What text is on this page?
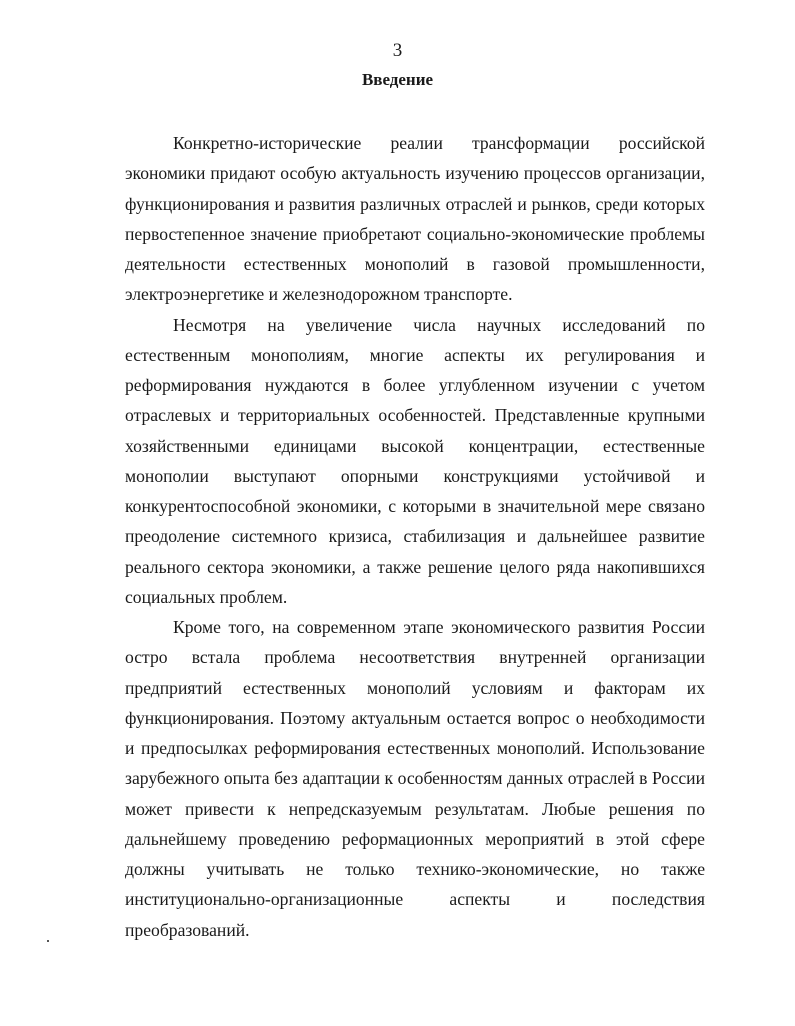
3
Введение

Конкретно-исторические реалии трансформации российской экономики придают особую актуальность изучению процессов организации, функционирования и развития различных отраслей и рынков, среди которых первостепенное значение приобретают социально-экономические проблемы деятельности естественных монополий в газовой промышленности, электроэнергетике и железнодорожном транспорте.

Несмотря на увеличение числа научных исследований по естественным монополиям, многие аспекты их регулирования и реформирования нуждаются в более углубленном изучении с учетом отраслевых и территориальных особенностей. Представленные крупными хозяйственными единицами высокой концентрации, естественные монополии выступают опорными конструкциями устойчивой и конкурентоспособной экономики, с которыми в значительной мере связано преодоление системного кризиса, стабилизация и дальнейшее развитие реального сектора экономики, а также решение целого ряда накопившихся социальных проблем.

Кроме того, на современном этапе экономического развития России остро встала проблема несоответствия внутренней организации предприятий естественных монополий условиям и факторам их функционирования. Поэтому актуальным остается вопрос о необходимости и предпосылках реформирования естественных монополий. Использование зарубежного опыта без адаптации к особенностям данных отраслей в России может привести к непредсказуемым результатам. Любые решения по дальнейшему проведению реформационных мероприятий в этой сфере должны учитывать не только технико-экономические, но также институционально-организационные аспекты и последствия преобразований.
